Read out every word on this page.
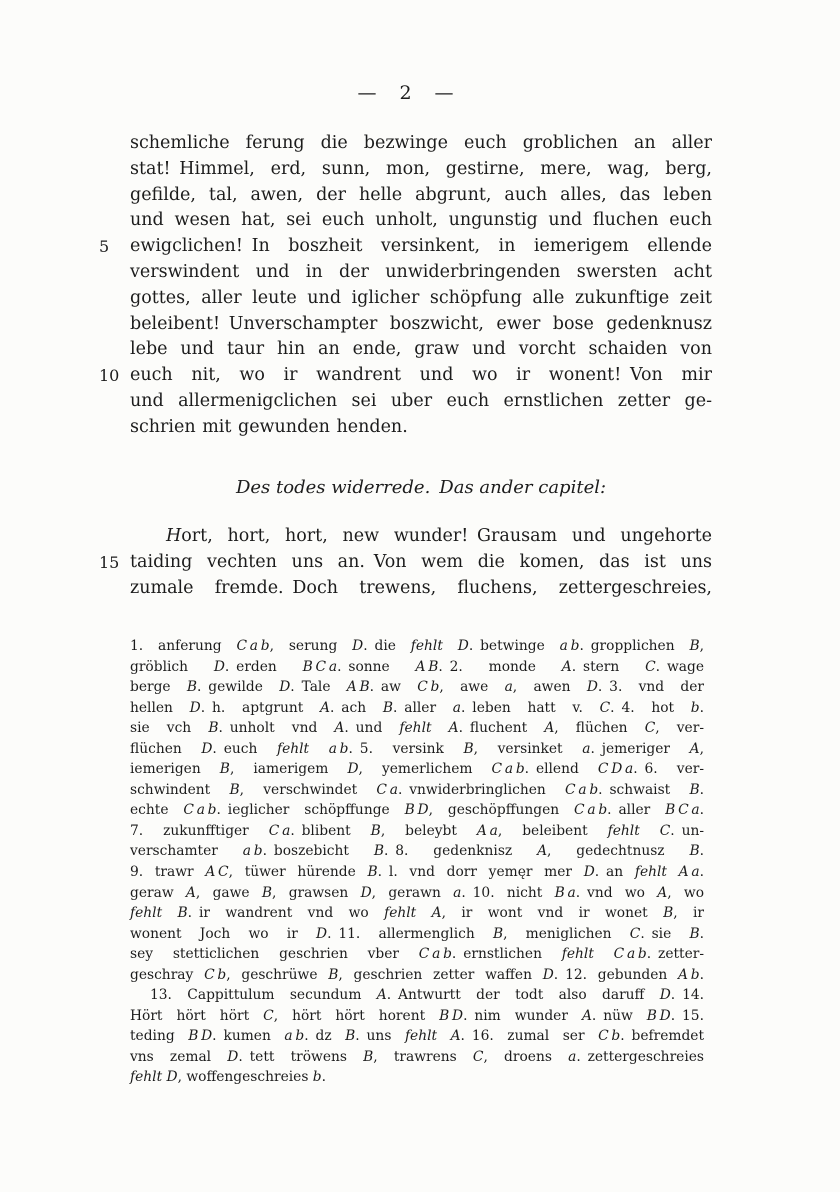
— 2 —
schemliche ferung die bezwinge euch groblichen an aller
stat! Himmel, erd, sunn, mon, gestirne, mere, wag, berg,
gefilde, tal, awen, der helle abgrunt, auch alles, das leben
und wesen hat, sei euch unholt, ungunstig und fluchen euch
5 ewigclichen! In boszheit versinkent, in iemerigem ellende
verswindent und in der unwiderbringenden swersten acht
gottes, aller leute und iglicher schöpfung alle zukunftige zeit
beleibent! Unverschampter boszwicht, ewer bose gedenknusz
lebe und taur hin an ende, graw und vorcht schaiden von
10 euch nit, wo ir wandrent und wo ir wonent! Von mir
und allermenigclichen sei uber euch ernstlichen zetter ge-
schrien mit gewunden henden.
Des todes widerrede. Das ander capitel:
Hort, hort, hort, new wunder! Grausam und ungehorte
15 taiding vechten uns an. Von wem die komen, das ist uns
zumale fremde. Doch trewens, fluchens, zettergeschreies,
1. anferung C a b, serung D. die fehlt D. betwinge a b. gropplichen B,
gröblich D. erden B C a. sonne A B. 2. monde A. stern C. wage
berge B. gewilde D. Tale A B. aw C b, awe a, awen D. 3. vnd der
hellen D. h. aptgrunt A. ach B. aller a. leben hatt v. C. 4. hot b.
sie vch B. unholt vnd A. und fehlt A. fluchent A, flüchen C, ver-
flüchen D. euch fehlt a b. 5. versink B, versinket a. jemeriger A,
iemerigen B, iamerigem D, yemerlichem C a b. ellend C D a. 6. ver-
schwindent B, verschwindet C a. vnwiderbringlichen C a b. schwaist B.
echte C a b. ieglicher schöpffunge B D, geschöpffungen C a b. aller B C a.
7. zukunfftiger C a. blibent B, beleybt A a, beleibent fehlt C. un-
verschamter a b. boszebicht B. 8. gedenknisz A, gedechtnusz B.
9. trawr A C, tüwer hürende B. l. vnd dorr yemęr mer D. an fehlt A a.
geraw A, gawe B, grawsen D, gerawn a. 10. nicht B a. vnd wo A, wo
fehlt B. ir wandrent vnd wo fehlt A, ir wont vnd ir wonet B, ir
wonent Joch wo ir D. 11. allermenglich B, meniglichen C. sie B.
sey stetticlichen geschrien vber C a b. ernstlichen fehlt C a b. zetter-
geschray C b, geschrüwe B, geschrien zetter waffen D. 12. gebunden A b.
13. Cappittulum secundum A. Antwurtt der todt also daruff D. 14.
Hört hört hört C, hört hört horent B D. nim wunder A. nüw B D. 15.
teding B D. kumen a b. dz B. uns fehlt A. 16. zumal ser C b. befremdet
vns zemal D. tett tröwens B, trawrens C, droens a. zettergeschreies
fehlt D, woffengeschreies b.
